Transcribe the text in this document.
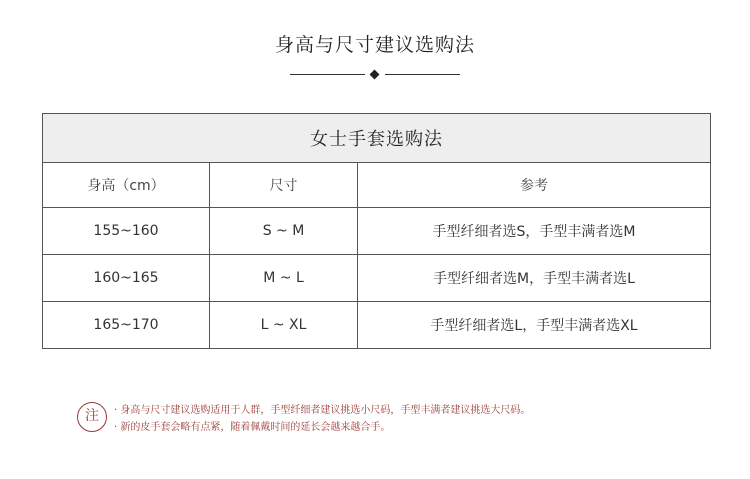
身高与尺寸建议选购法
女士手套选购法		
身高（cm）	尺寸	参考
155~160	S ~ M	手型纤细者选S，手型丰满者选M
160~165	M ~ L	手型纤细者选M，手型丰满者选L
165~170	L ~ XL	手型纤细者选L，手型丰满者选XL
注	· 身高与尺寸建议选购适用于人群，手型纤细者建议挑选小尺码，手型丰满者建议挑选大尺码。
· 新的皮手套会略有点紧，随着佩戴时间的延长会越来越合手。
